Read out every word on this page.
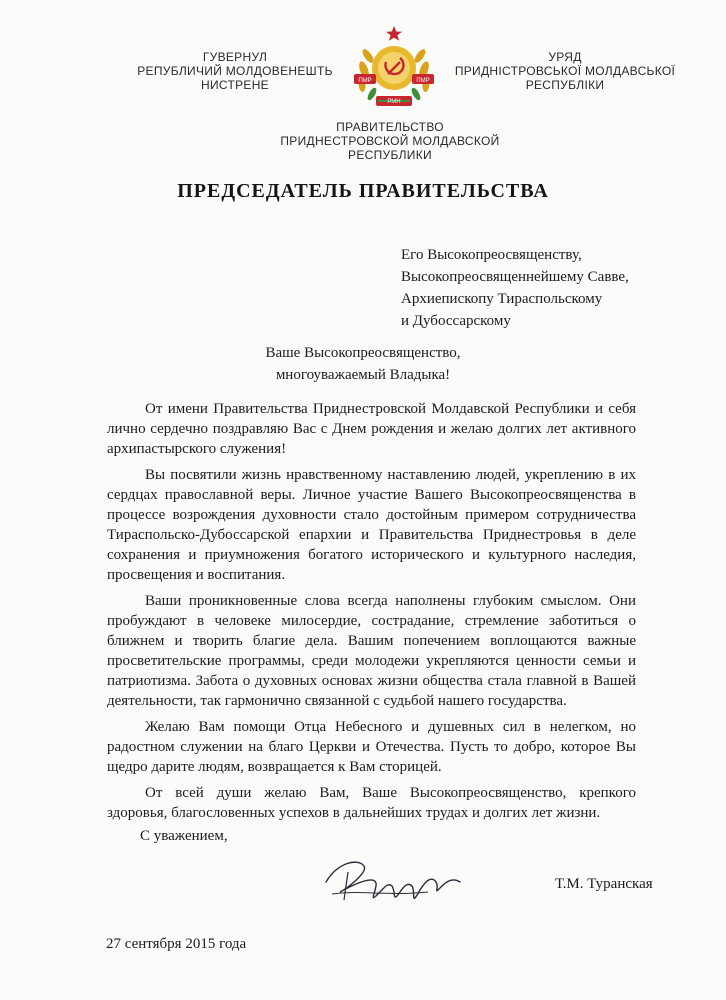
ГУВЕРНУЛ
РЕПУБЛИЧИЙ МОЛДОВЕНЕШТЬ
НИСТРЕНЕ	ПМР
РМН
ПМР
УРЯД
ПРИДНІСТРОВСЬКОЇ МОЛДАВСЬКОЇ
РЕСПУБЛІКИ
ПРАВИТЕЛЬСТВО
ПРИДНЕСТРОВСКОЙ МОЛДАВСКОЙ
РЕСПУБЛИКИ
ПРЕДСЕДАТЕЛЬ ПРАВИТЕЛЬСТВА
Его Высокопреосвященству,
Высокопреосвященнейшему Савве,
Архиепископу Тираспольскому
и Дубоссарскому
Ваше Высокопреосвященство,
многоуважаемый Владыка!

От имени Правительства Приднестровской Молдавской Республики и себя лично сердечно поздравляю Вас с Днем рождения и желаю долгих лет активного архипастырского служения!

Вы посвятили жизнь нравственному наставлению людей, укреплению в их сердцах православной веры. Личное участие Вашего Высокопреосвященства в процессе возрождения духовности стало достойным примером сотрудничества Тираспольско-Дубоссарской епархии и Правительства Приднестровья в деле сохранения и приумножения богатого исторического и культурного наследия, просвещения и воспитания.

Ваши проникновенные слова всегда наполнены глубоким смыслом. Они пробуждают в человеке милосердие, сострадание, стремление заботиться о ближнем и творить благие дела. Вашим попечением воплощаются важные просветительские программы, среди молодежи укрепляются ценности семьи и патриотизма. Забота о духовных основах жизни общества стала главной в Вашей деятельности, так гармонично связанной с судьбой нашего государства.

Желаю Вам помощи Отца Небесного и душевных сил в нелегком, но радостном служении на благо Церкви и Отечества. Пусть то добро, которое Вы щедро дарите людям, возвращается к Вам сторицей.

От всей души желаю Вам, Ваше Высокопреосвященство, крепкого здоровья, благословенных успехов в дальнейших трудах и долгих лет жизни.

С уважением,
Т.М. Туранская
27 сентября 2015 года
